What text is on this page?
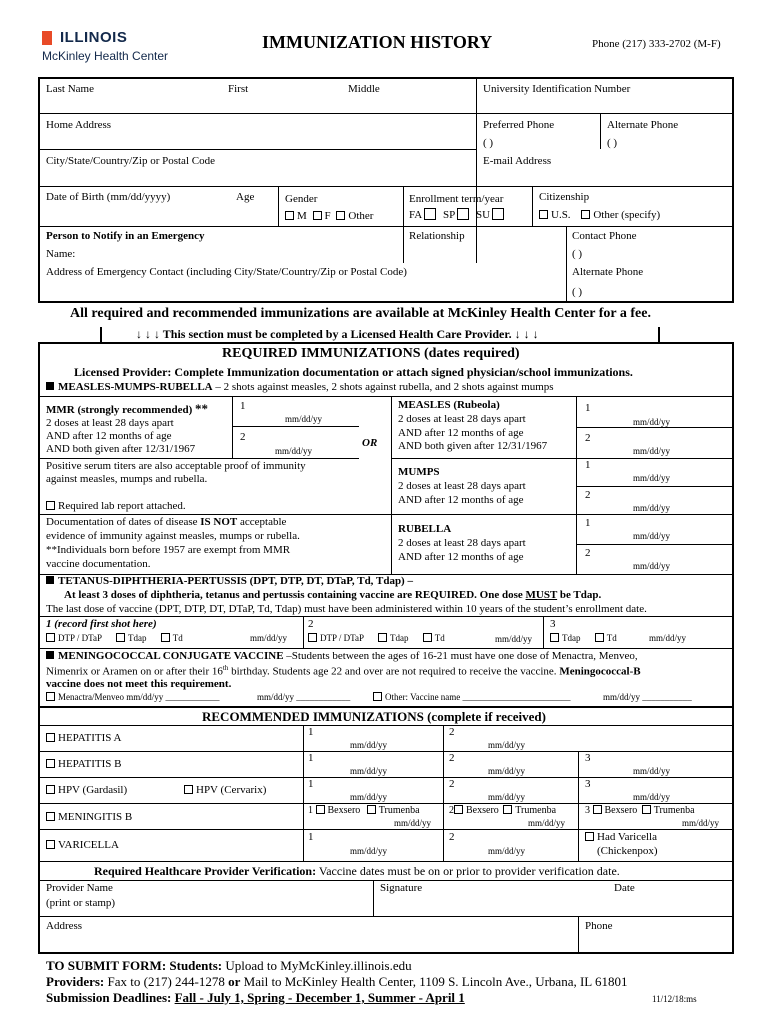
ILLINOIS
McKinley Health Center
IMMUNIZATION HISTORY	Phone (217) 333-2702 (M-F)
Last Name	First	Middle	University Identification Number
Home Address	Preferred Phone
( )
Alternate Phone
( )
City/State/Country/Zip or Postal Code	E-mail Address
Date of Birth (mm/dd/yyyy)	Age	Gender
M F Other
Enrollment term/year
FA SP SU
Citizenship
U.S. Other (specify)
Person to Notify in an Emergency	Relationship	Contact Phone
Name:	( )
Address of Emergency Contact (including City/State/Country/Zip or Postal Code)	Alternate Phone
( )
All required and recommended immunizations are available at McKinley Health Center for a fee.
↓ ↓ ↓ This section must be completed by a Licensed Health Care Provider. ↓ ↓ ↓
REQUIRED IMMUNIZATIONS (dates required)
Licensed Provider: Complete Immunization documentation or attach signed physician/school immunizations.
MEASLES-MUMPS-RUBELLA – 2 shots against measles, 2 shots against rubella, and 2 shots against mumps
MMR (strongly recommended) **
2 doses at least 28 days apart
AND after 12 months of age
AND both given after 12/31/1967
1
mm/dd/yy
2
mm/dd/yy
OR
Positive serum titers are also acceptable proof of immunity
against measles, mumps and rubella.
Required lab report attached.
Documentation of dates of disease IS NOT acceptable
evidence of immunity against measles, mumps or rubella.
**Individuals born before 1957 are exempt from MMR
vaccine documentation.
MEASLES (Rubeola)
2 doses at least 28 days apart
AND after 12 months of age
AND both given after 12/31/1967
1
mm/dd/yy
2
mm/dd/yy
MUMPS
2 doses at least 28 days apart
AND after 12 months of age
1
mm/dd/yy
2
mm/dd/yy
RUBELLA
2 doses at least 28 days apart
AND after 12 months of age
1
mm/dd/yy
2
mm/dd/yy
TETANUS-DIPHTHERIA-PERTUSSIS (DPT, DTP, DT, DTaP, Td, Tdap) –
At least 3 doses of diphtheria, tetanus and pertussis containing vaccine are REQUIRED. One dose MUST be Tdap.
The last dose of vaccine (DPT, DTP, DT, DTaP, Td, Tdap) must have been administered within 10 years of the student’s enrollment date.
1 (record first shot here)
DTP / DTaP	Tdap	Td	mm/dd/yy
2
DTP / DTaP	Tdap	Td	mm/dd/yy
3
Tdap	Td	mm/dd/yy
MENINGOCOCCAL CONJUGATE VACCINE –Students between the ages of 16-21 must have one dose of Menactra, Menveo,
Nimenrix or Aramen on or after their 16th birthday. Students age 22 and over are not required to receive the vaccine. Meningococcal-B
vaccine does not meet this requirement.
Menactra/Menveo mm/dd/yy ____________	mm/dd/yy ____________	Other: Vaccine name ________________________	mm/dd/yy ___________
RECOMMENDED IMMUNIZATIONS (complete if received)
HEPATITIS A	1
mm/dd/yy
2
mm/dd/yy
HEPATITIS B	1
mm/dd/yy
2
mm/dd/yy
3
mm/dd/yy
HPV (Gardasil)	HPV (Cervarix)	1
mm/dd/yy
2
mm/dd/yy
3
mm/dd/yy
MENINGITIS B
1 Bexsero Trumenba
mm/dd/yy
2 Bexsero Trumenba
mm/dd/yy
3 Bexsero Trumenba
mm/dd/yy
VARICELLA
1
mm/dd/yy
2
mm/dd/yy
Had Varicella
(Chickenpox)
Required Healthcare Provider Verification: Vaccine dates must be on or prior to provider verification date.
Provider Name
(print or stamp)
Signature	Date
Address	Phone
TO SUBMIT FORM: Students: Upload to MyMcKinley.illinois.edu
Providers: Fax to (217) 244-1278 or Mail to McKinley Health Center, 1109 S. Lincoln Ave., Urbana, IL 61801
Submission Deadlines: Fall - July 1, Spring - December 1, Summer - April 1	11/12/18:ms
